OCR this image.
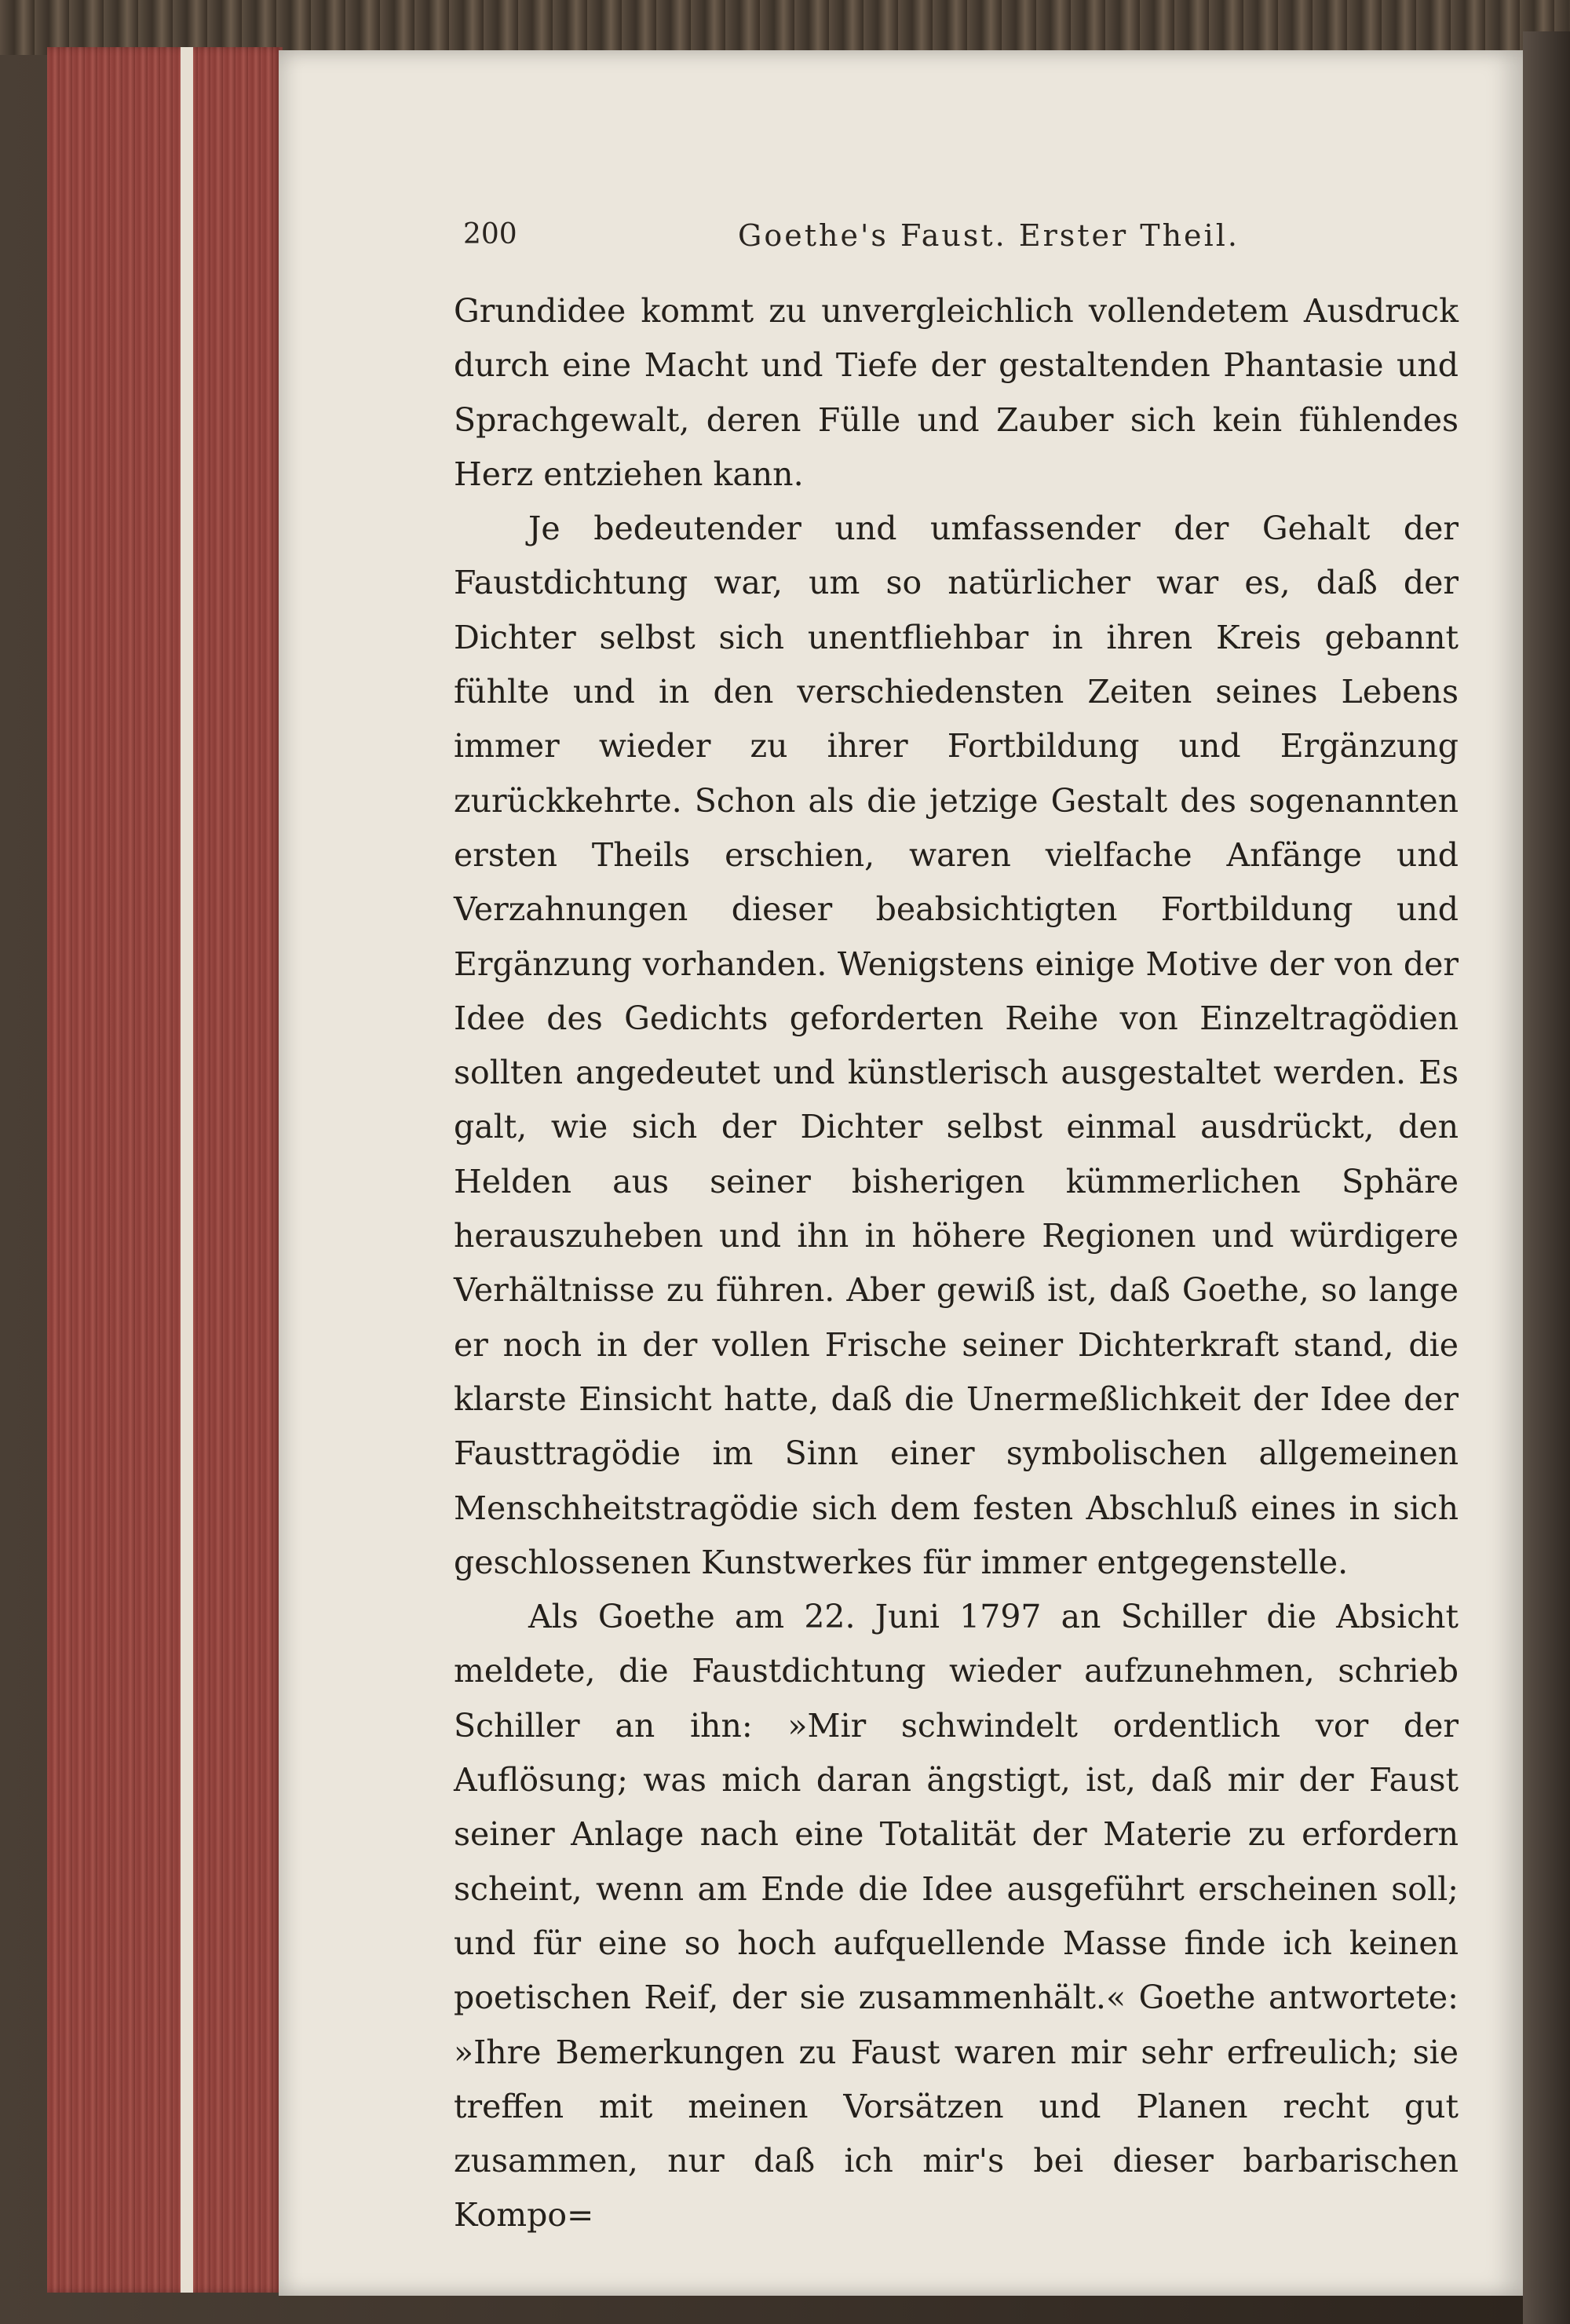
200	Goethe's Faust. Erster Theil.

Grundidee kommt zu unvergleichlich vollendetem Ausdruck durch eine Macht und Tiefe der gestaltenden Phantasie und Sprachgewalt, deren Fülle und Zauber sich kein fühlendes Herz entziehen kann.

Je bedeutender und umfassender der Gehalt der Faustdichtung war, um so natürlicher war es, daß der Dichter selbst sich unentfliehbar in ihren Kreis gebannt fühlte und in den verschiedensten Zeiten seines Lebens immer wieder zu ihrer Fortbildung und Ergänzung zurückkehrte. Schon als die jetzige Gestalt des sogenannten ersten Theils erschien, waren vielfache Anfänge und Verzahnungen dieser beabsichtigten Fortbildung und Ergänzung vorhanden. Wenigstens einige Motive der von der Idee des Gedichts geforderten Reihe von Einzeltragödien sollten angedeutet und künstlerisch ausgestaltet werden. Es galt, wie sich der Dichter selbst einmal ausdrückt, den Helden aus seiner bisherigen kümmerlichen Sphäre herauszuheben und ihn in höhere Regionen und würdigere Verhältnisse zu führen. Aber gewiß ist, daß Goethe, so lange er noch in der vollen Frische seiner Dichterkraft stand, die klarste Einsicht hatte, daß die Unermeßlichkeit der Idee der Fausttragödie im Sinn einer symbolischen allgemeinen Menschheitstragödie sich dem festen Abschluß eines in sich geschlossenen Kunstwerkes für immer entgegenstelle.

Als Goethe am 22. Juni 1797 an Schiller die Absicht meldete, die Faustdichtung wieder aufzunehmen, schrieb Schiller an ihn: »Mir schwindelt ordentlich vor der Auflösung; was mich daran ängstigt, ist, daß mir der Faust seiner Anlage nach eine Totalität der Materie zu erfordern scheint, wenn am Ende die Idee ausgeführt erscheinen soll; und für eine so hoch aufquellende Masse finde ich keinen poetischen Reif, der sie zusammenhält.« Goethe antwortete: »Ihre Bemerkungen zu Faust waren mir sehr erfreulich; sie treffen mit meinen Vorsätzen und Planen recht gut zusammen, nur daß ich mir's bei dieser barbarischen Kompo=
